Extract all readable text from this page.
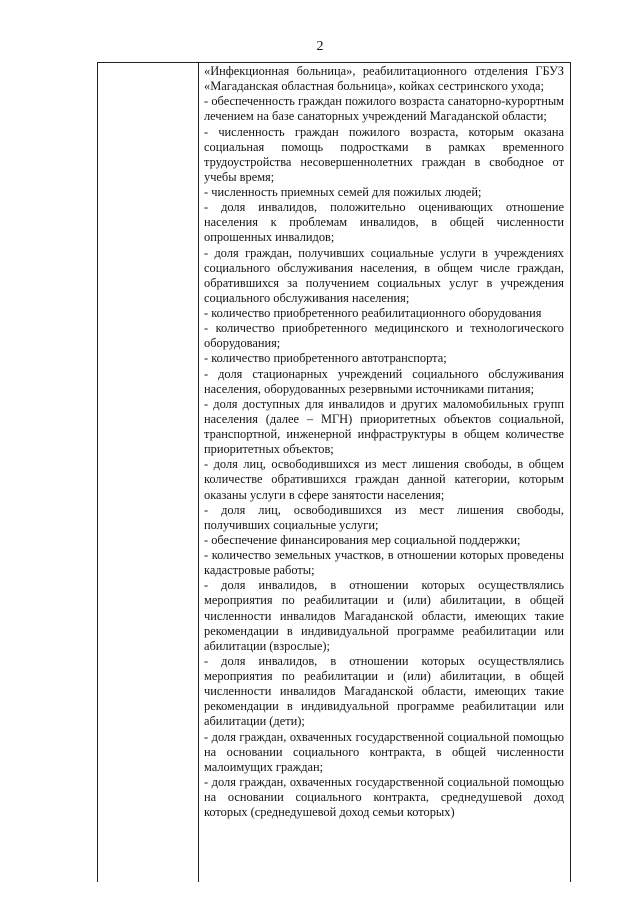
2

«Инфекционная больница», реабилитационного отделения ГБУЗ «Магаданская областная больница», койках сестринского ухода;

- обеспеченность граждан пожилого возраста санаторно-курортным лечением на базе санаторных учреждений Магаданской области;

- численность граждан пожилого возраста, которым оказана социальная помощь подростками в рамках временного трудоустройства несовершеннолетних граждан в свободное от учебы время;

- численность приемных семей для пожилых людей;

- доля инвалидов, положительно оценивающих отношение населения к проблемам инвалидов, в общей численности опрошенных инвалидов;

- доля граждан, получивших социальные услуги в учреждениях социального обслуживания населения, в общем числе граждан, обратившихся за получением социальных услуг в учреждения социального обслуживания населения;

- количество приобретенного реабилитационного оборудования

- количество приобретенного медицинского и технологического оборудования;

- количество приобретенного автотранспорта;

- доля стационарных учреждений социального обслуживания населения, оборудованных резервными источниками питания;

- доля доступных для инвалидов и других маломобильных групп населения (далее – МГН) приоритетных объектов социальной, транспортной, инженерной инфраструктуры в общем количестве приоритетных объектов;

- доля лиц, освободившихся из мест лишения свободы, в общем количестве обратившихся граждан данной категории, которым оказаны услуги в сфере занятости населения;

- доля лиц, освободившихся из мест лишения свободы, получивших социальные услуги;

- обеспечение финансирования мер социальной поддержки;

- количество земельных участков, в отношении которых проведены кадастровые работы;

- доля инвалидов, в отношении которых осуществлялись мероприятия по реабилитации и (или) абилитации, в общей численности инвалидов Магаданской области, имеющих такие рекомендации в индивидуальной программе реабилитации или абилитации (взрослые);

- доля инвалидов, в отношении которых осуществлялись мероприятия по реабилитации и (или) абилитации, в общей численности инвалидов Магаданской области, имеющих такие рекомендации в индивидуальной программе реабилитации или абилитации (дети);

- доля граждан, охваченных государственной социальной помощью на основании социального контракта, в общей численности малоимущих граждан;

- доля граждан, охваченных государственной социальной помощью на основании социального контракта, среднедушевой доход которых (среднедушевой доход семьи которых)
